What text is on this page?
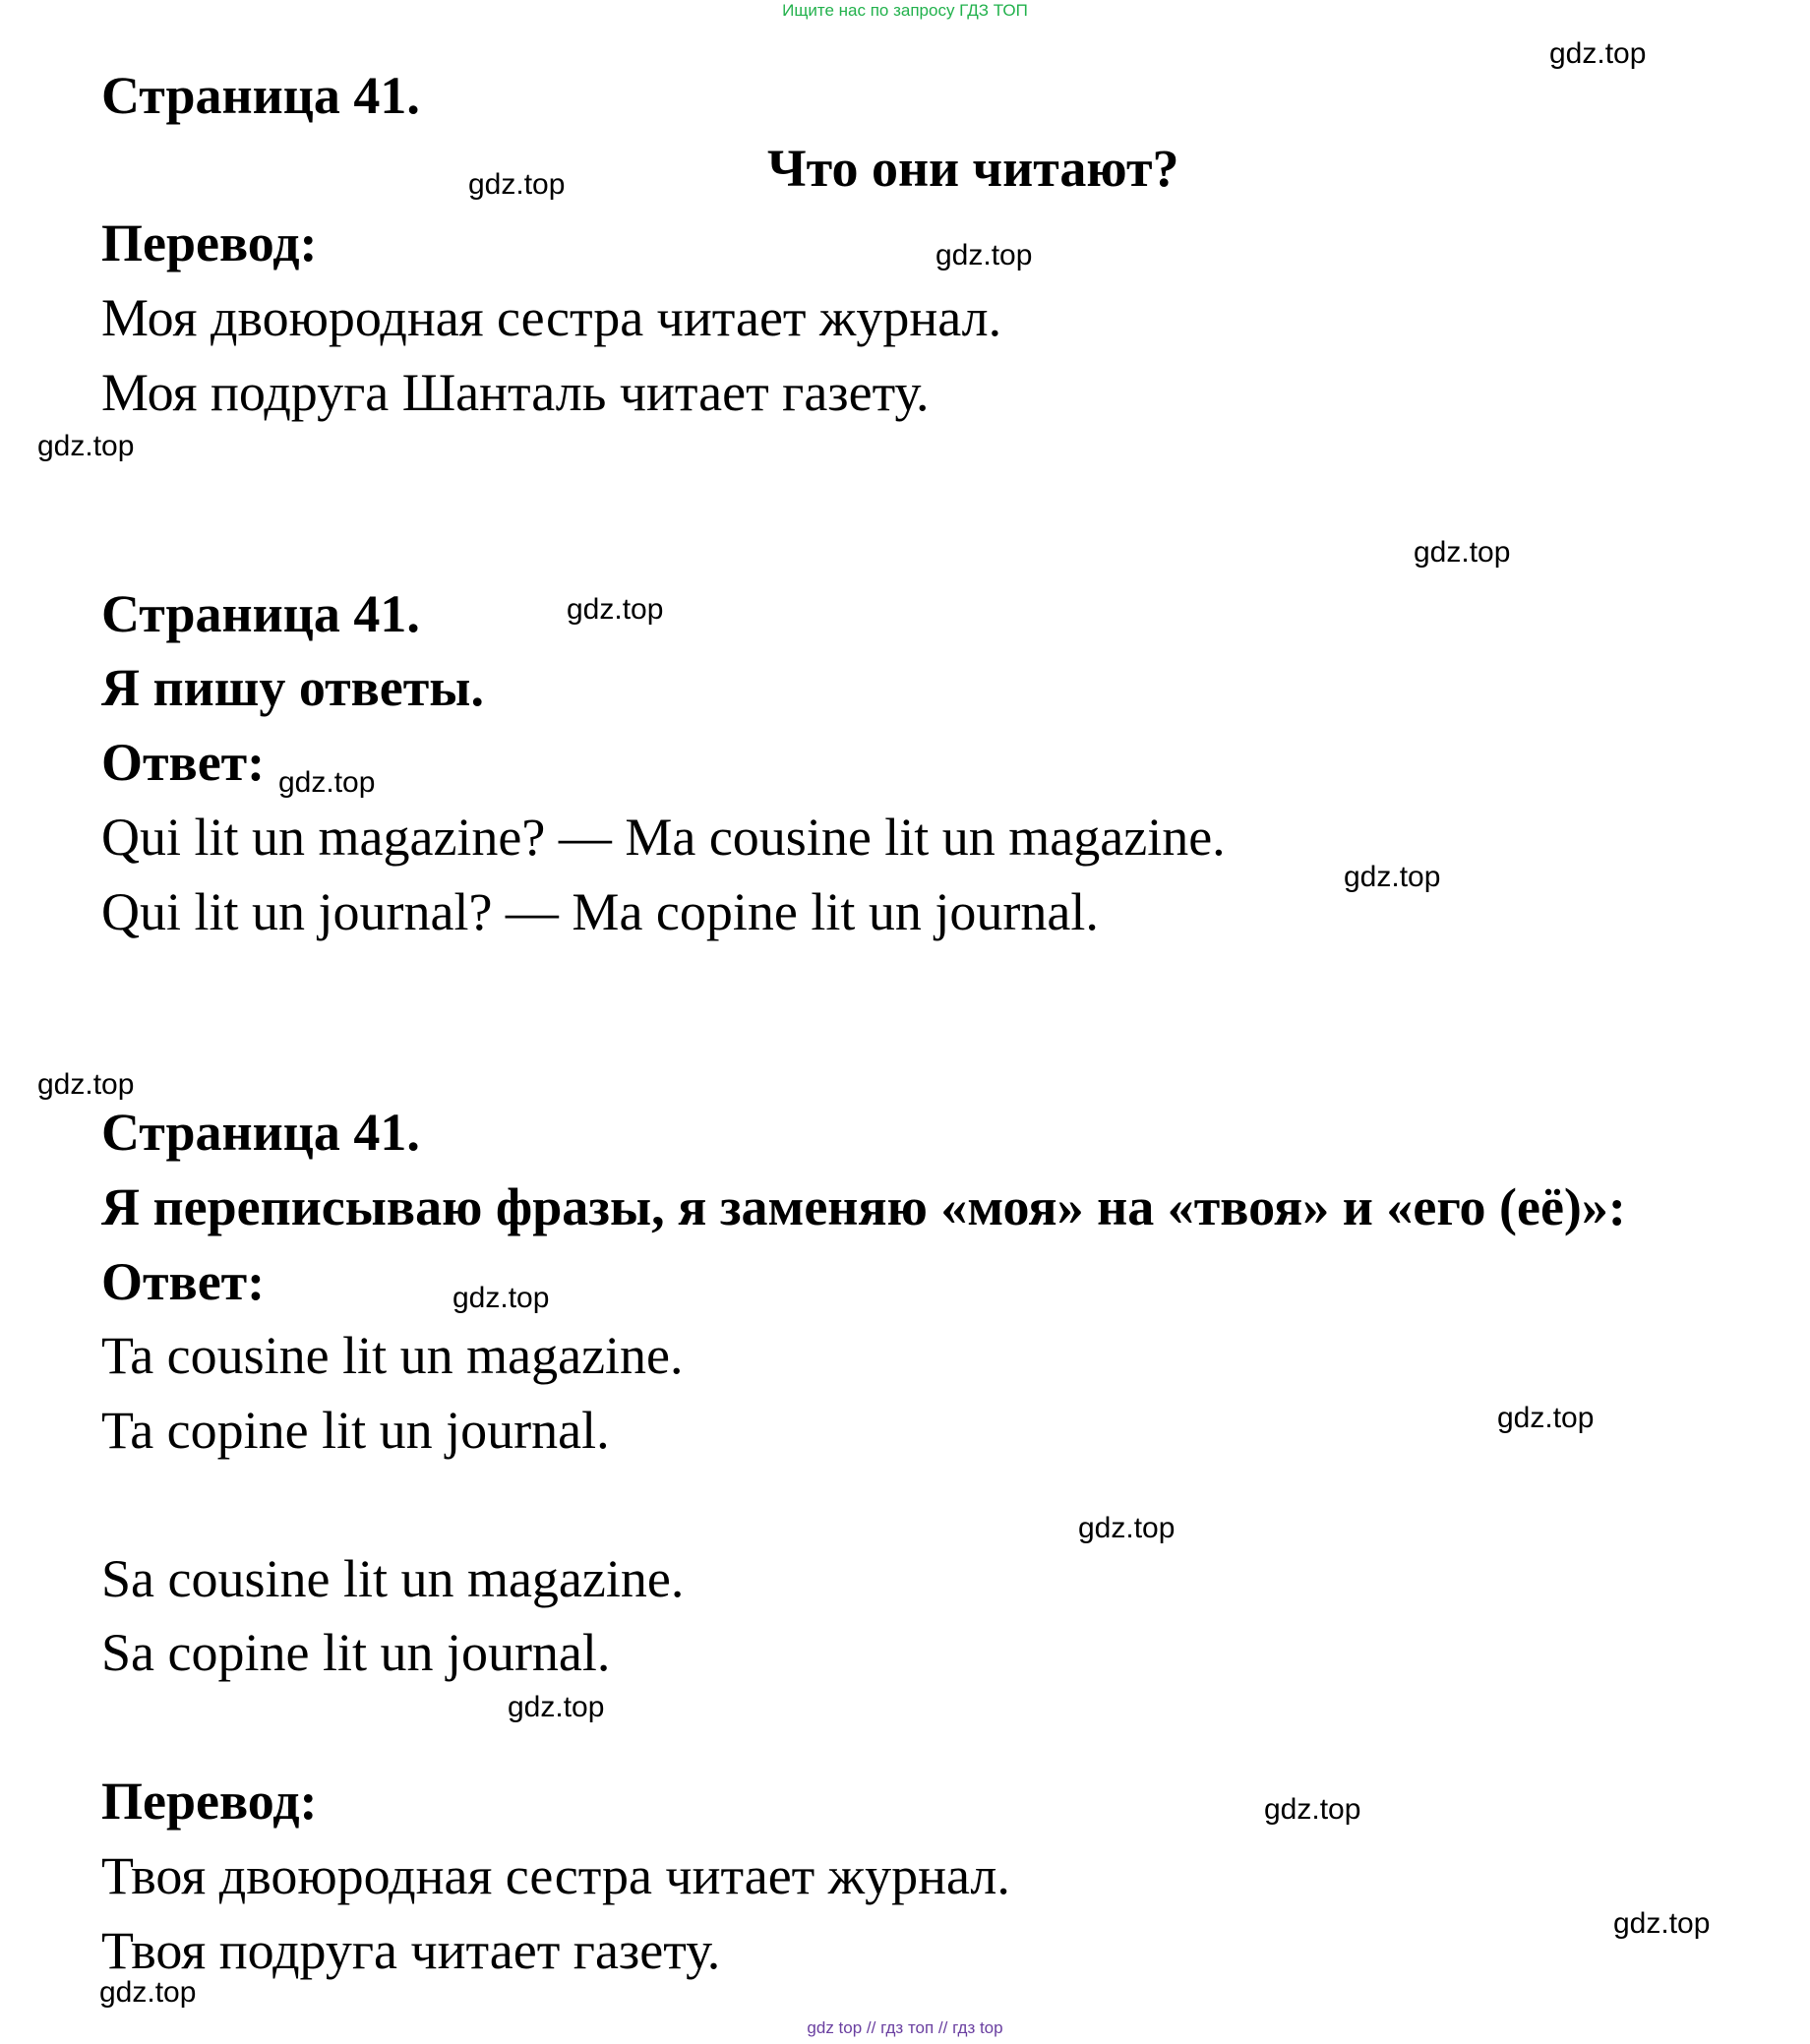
Ищите нас по запросу ГДЗ ТОП
Страница 41.
Что они читают?
Перевод:
Моя двоюродная сестра читает журнал.
Моя подруга Шанталь читает газету.
Страница 41.
Я пишу ответы.
Ответ:
Qui lit un magazine? — Ma cousine lit un magazine.
Qui lit un journal? — Ma copine lit un journal.
Страница 41.
Я переписываю фразы, я заменяю «моя» на «твоя» и «его (её)»:
Ответ:
Ta cousine lit un magazine.
Ta copine lit un journal.
Sa cousine lit un magazine.
Sa copine lit un journal.
Перевод:
Твоя двоюродная сестра читает журнал.
Твоя подруга читает газету.
gdz.top
gdz.top
gdz.top
gdz.top
gdz.top
gdz.top
gdz.top
gdz.top
gdz.top
gdz.top
gdz.top
gdz.top
gdz.top
gdz.top
gdz.top
gdz.top
gdz top // гдз топ // гдз top
